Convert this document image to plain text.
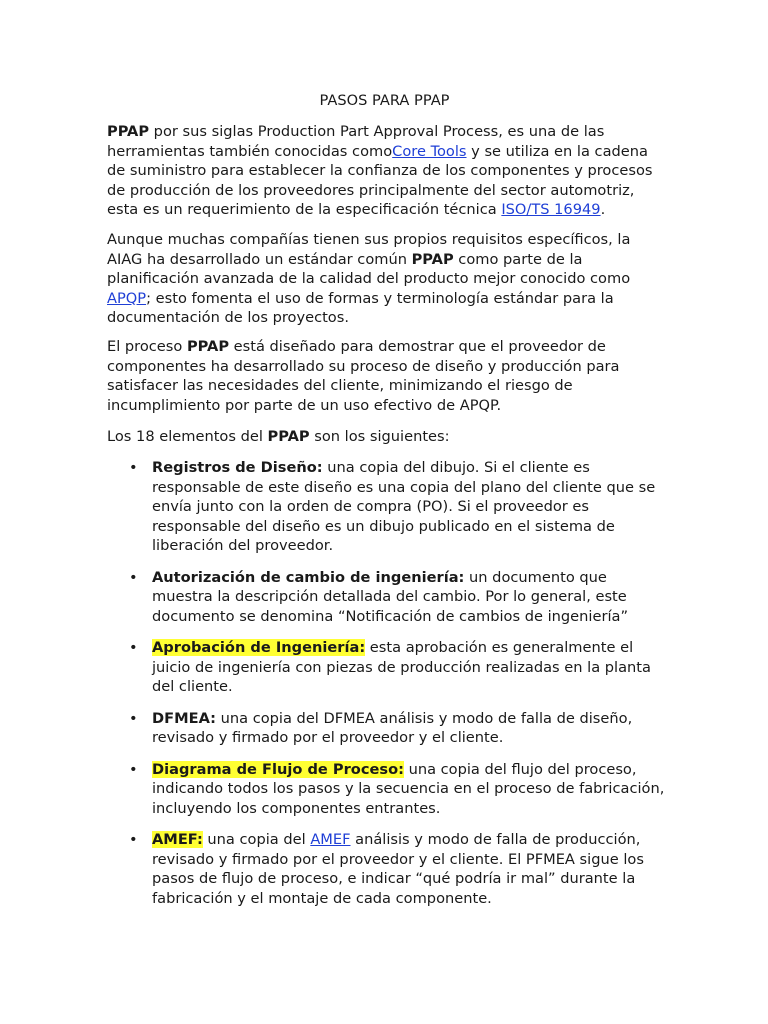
PASOS PARA PPAP

PPAP por sus siglas Production Part Approval Process, es una de las herramientas también conocidas comoCore Tools y se utiliza en la cadena de suministro para establecer la confianza de los componentes y procesos de producción de los proveedores principalmente del sector automotriz, esta es un requerimiento de la especificación técnica ISO/TS 16949.

Aunque muchas compañías tienen sus propios requisitos específicos, la AIAG ha desarrollado un estándar común PPAP como parte de la planificación avanzada de la calidad del producto mejor conocido como APQP; esto fomenta el uso de formas y terminología estándar para la documentación de los proyectos.

El proceso PPAP está diseñado para demostrar que el proveedor de componentes ha desarrollado su proceso de diseño y producción para satisfacer las necesidades del cliente, minimizando el riesgo de incumplimiento por parte de un uso efectivo de APQP.

Los 18 elementos del PPAP son los siguientes:

• Registros de Diseño: una copia del dibujo. Si el cliente es responsable de este diseño es una copia del plano del cliente que se envía junto con la orden de compra (PO). Si el proveedor es responsable del diseño es un dibujo publicado en el sistema de liberación del proveedor.
• Autorización de cambio de ingeniería: un documento que muestra la descripción detallada del cambio. Por lo general, este documento se denomina “Notificación de cambios de ingeniería”
• Aprobación de Ingeniería: esta aprobación es generalmente el juicio de ingeniería con piezas de producción realizadas en la planta del cliente.
• DFMEA: una copia del DFMEA análisis y modo de falla de diseño, revisado y firmado por el proveedor y el cliente.
• Diagrama de Flujo de Proceso: una copia del flujo del proceso, indicando todos los pasos y la secuencia en el proceso de fabricación, incluyendo los componentes entrantes.
• AMEF: una copia del AMEF análisis y modo de falla de producción, revisado y firmado por el proveedor y el cliente. El PFMEA sigue los pasos de flujo de proceso, e indicar “qué podría ir mal” durante la fabricación y el montaje de cada componente.
